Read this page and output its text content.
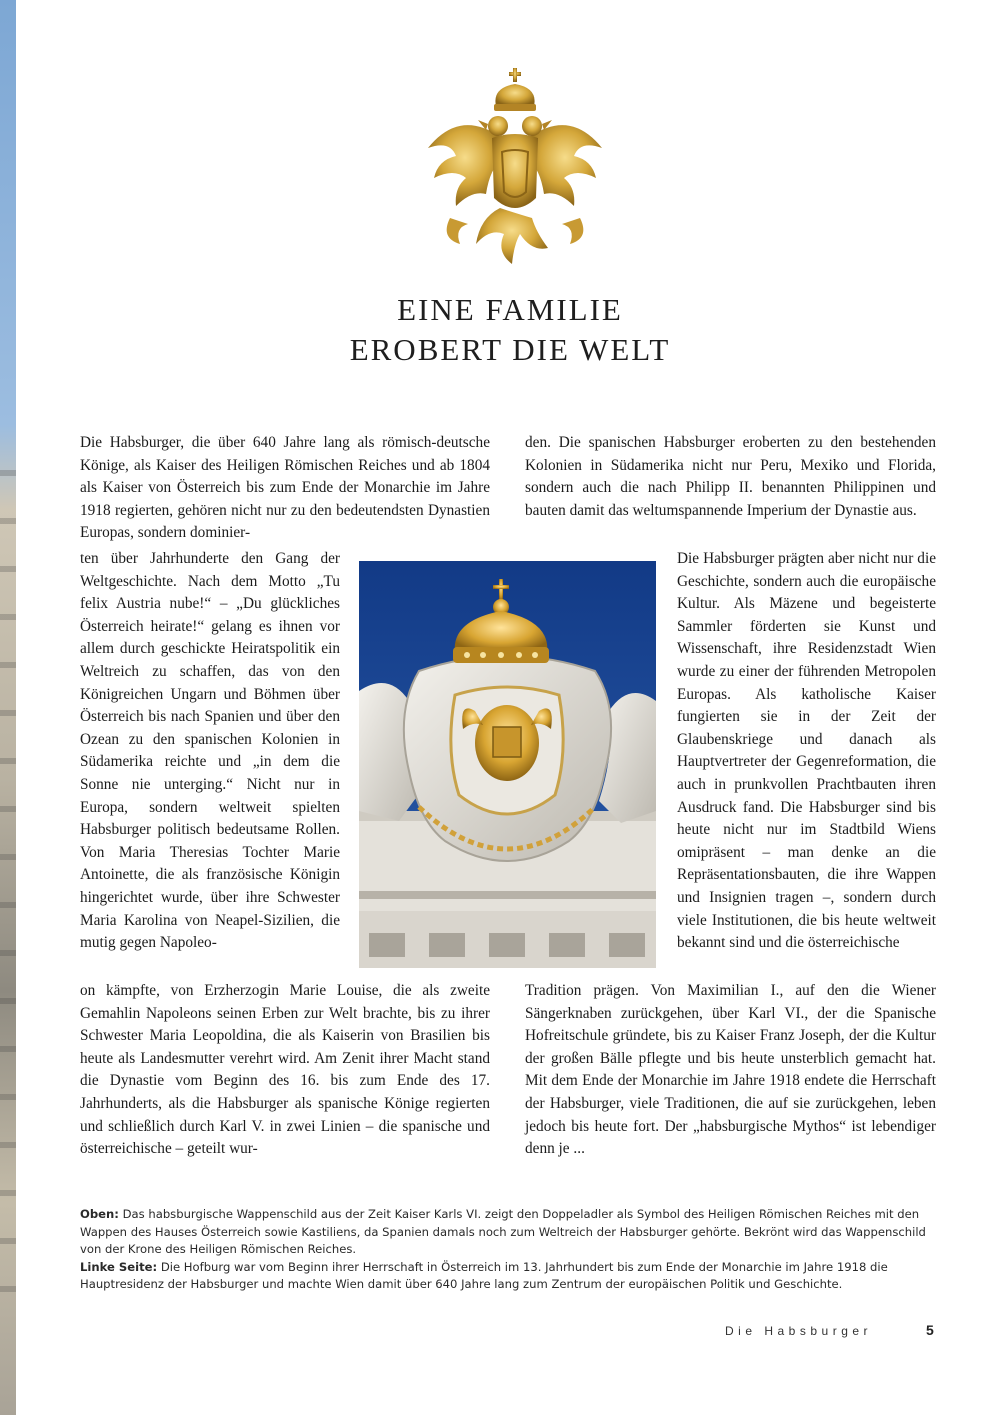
EINE FAMILIE
EROBERT DIE WELT

Die Habsburger, die über 640 Jahre lang als römisch-deutsche Könige, als Kaiser des Heiligen Römischen Reiches und ab 1804 als Kaiser von Österreich bis zum Ende der Monarchie im Jahre 1918 regierten, gehören nicht nur zu den bedeutendsten Dynastien Europas, sondern dominier-

ten über Jahrhunderte den Gang der Weltgeschichte. Nach dem Motto „Tu felix Austria nube!“ – „Du glückliches Österreich heirate!“ gelang es ihnen vor allem durch geschickte Heiratspolitik ein Weltreich zu schaffen, das von den Königreichen Ungarn und Böhmen über Österreich bis nach Spanien und über den Ozean zu den spanischen Kolonien in Südamerika reichte und „in dem die Sonne nie unterging.“ Nicht nur in Europa, sondern weltweit spielten Habsburger politisch bedeutsame Rollen. Von Maria Theresias Tochter Marie Antoinette, die als französische Königin hingerichtet wurde, über ihre Schwester Maria Karolina von Neapel-Sizilien, die mutig gegen Napoleo-

on kämpfte, von Erzherzogin Marie Louise, die als zweite Gemahlin Napoleons seinen Erben zur Welt brachte, bis zu ihrer Schwester Maria Leopoldina, die als Kaiserin von Brasilien bis heute als Landesmutter verehrt wird. Am Zenit ihrer Macht stand die Dynastie vom Beginn des 16. bis zum Ende des 17. Jahrhunderts, als die Habsburger als spanische Könige regierten und schließlich durch Karl V. in zwei Linien – die spanische und österreichische – geteilt wur-

den. Die spanischen Habsburger eroberten zu den bestehenden Kolonien in Südamerika nicht nur Peru, Mexiko und Florida, sondern auch die nach Philipp II. benannten Philippinen und bauten damit das weltumspannende Imperium der Dynastie aus.

Die Habsburger prägten aber nicht nur die Geschichte, sondern auch die europäische Kultur. Als Mäzene und begeisterte Sammler förderten sie Kunst und Wissenschaft, ihre Residenzstadt Wien wurde zu einer der führenden Metropolen Europas. Als katholische Kaiser fungierten sie in der Zeit der Glaubenskriege und danach als Hauptvertreter der Gegenreformation, die auch in prunkvollen Prachtbauten ihren Ausdruck fand. Die Habsburger sind bis heute nicht nur im Stadtbild Wiens omipräsent – man denke an die Repräsentationsbauten, die ihre Wappen und Insignien tragen –, sondern durch viele Institutionen, die bis heute weltweit bekannt sind und die österreichische

Tradition prägen. Von Maximilian I., auf den die Wiener Sängerknaben zurückgehen, über Karl VI., der die Spanische Hofreitschule gründete, bis zu Kaiser Franz Joseph, der die Kultur der großen Bälle pflegte und bis heute unsterblich gemacht hat. Mit dem Ende der Monarchie im Jahre 1918 endete die Herrschaft der Habsburger, viele Traditionen, die auf sie zurückgehen, leben jedoch bis heute fort. Der „habsburgische Mythos“ ist lebendiger denn je ...

Oben: Das habsburgische Wappenschild aus der Zeit Kaiser Karls VI. zeigt den Doppeladler als Symbol des Heiligen Römischen Reiches mit den Wappen des Hauses Österreich sowie Kastiliens, da Spanien damals noch zum Weltreich der Habsburger gehörte. Bekrönt wird das Wappenschild von der Krone des Heiligen Römischen Reiches.

Linke Seite: Die Hofburg war vom Beginn ihrer Herrschaft in Österreich im 13. Jahrhundert bis zum Ende der Monarchie im Jahre 1918 die Hauptresidenz der Habsburger und machte Wien damit über 640 Jahre lang zum Zentrum der europäischen Politik und Geschichte.

Die Habsburger	5
